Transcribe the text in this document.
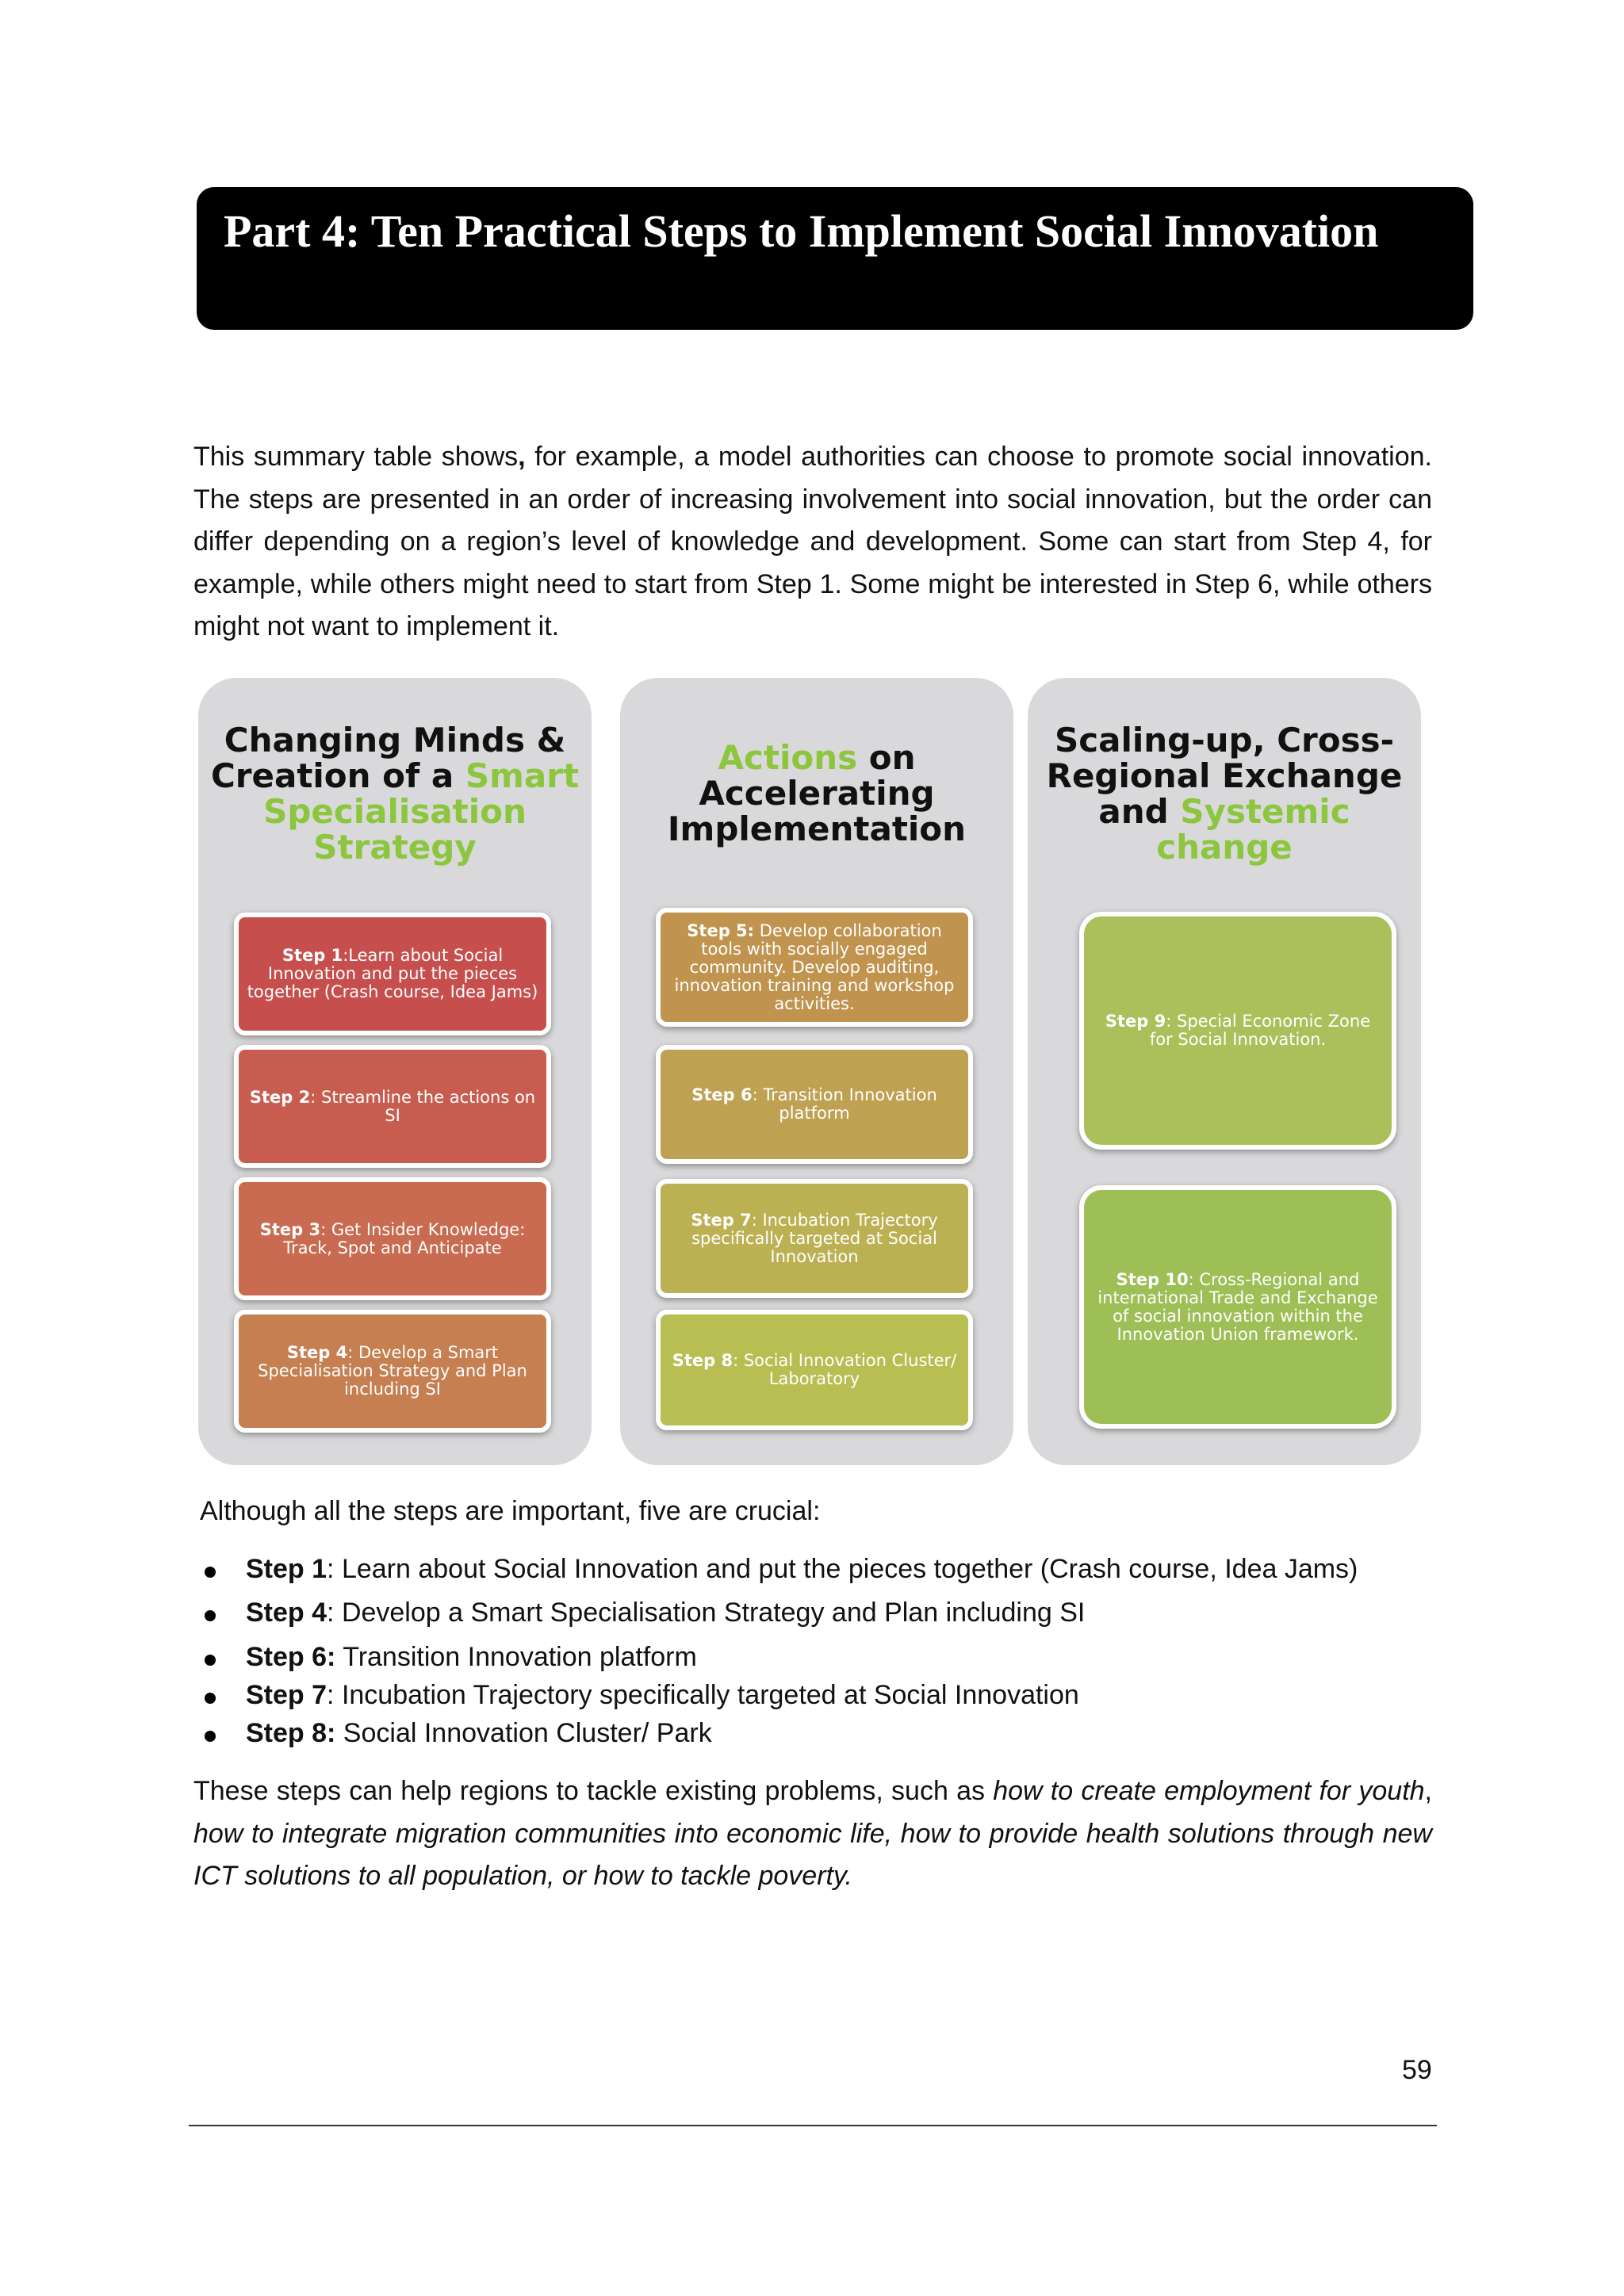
Part 4: Ten Practical Steps to Implement Social Innovation

This summary table shows, for example, a model authorities can choose to promote social innovation. The steps are presented in an order of increasing involvement into social innovation, but the order can differ depending on a region’s level of knowledge and development. Some can start from Step 4, for example, while others might need to start from Step 1. Some might be interested in Step 6, while others might not want to implement it.

Changing Minds &
Creation of a Smart
Specialisation
Strategy
Step 1:Learn about Social Innovation and put the pieces together (Crash course, Idea Jams)
Step 2: Streamline the actions on SI
Step 3: Get Insider Knowledge: Track, Spot and Anticipate
Step 4: Develop a Smart Specialisation Strategy and Plan including SI
Actions on
Accelerating
Implementation
Step 5: Develop collaboration tools with socially engaged community. Develop auditing, innovation training and workshop activities.
Step 6: Transition Innovation platform
Step 7: Incubation Trajectory specifically targeted at Social Innovation
Step 8: Social Innovation Cluster/ Laboratory
Scaling-up, Cross-
Regional Exchange
and Systemic
change
Step 9: Special Economic Zone for Social Innovation.
Step 10: Cross-Regional and international Trade and Exchange of social innovation within the Innovation Union framework.

Although all the steps are important, five are crucial:

Step 1: Learn about Social Innovation and put the pieces together (Crash course, Idea Jams)
Step 4: Develop a Smart Specialisation Strategy and Plan including SI
Step 6: Transition Innovation platform
Step 7: Incubation Trajectory specifically targeted at Social Innovation
Step 8: Social Innovation Cluster/ Park

These steps can help regions to tackle existing problems, such as how to create employment for youth, how to integrate migration communities into economic life, how to provide health solutions through new ICT solutions to all population, or how to tackle poverty.

59
